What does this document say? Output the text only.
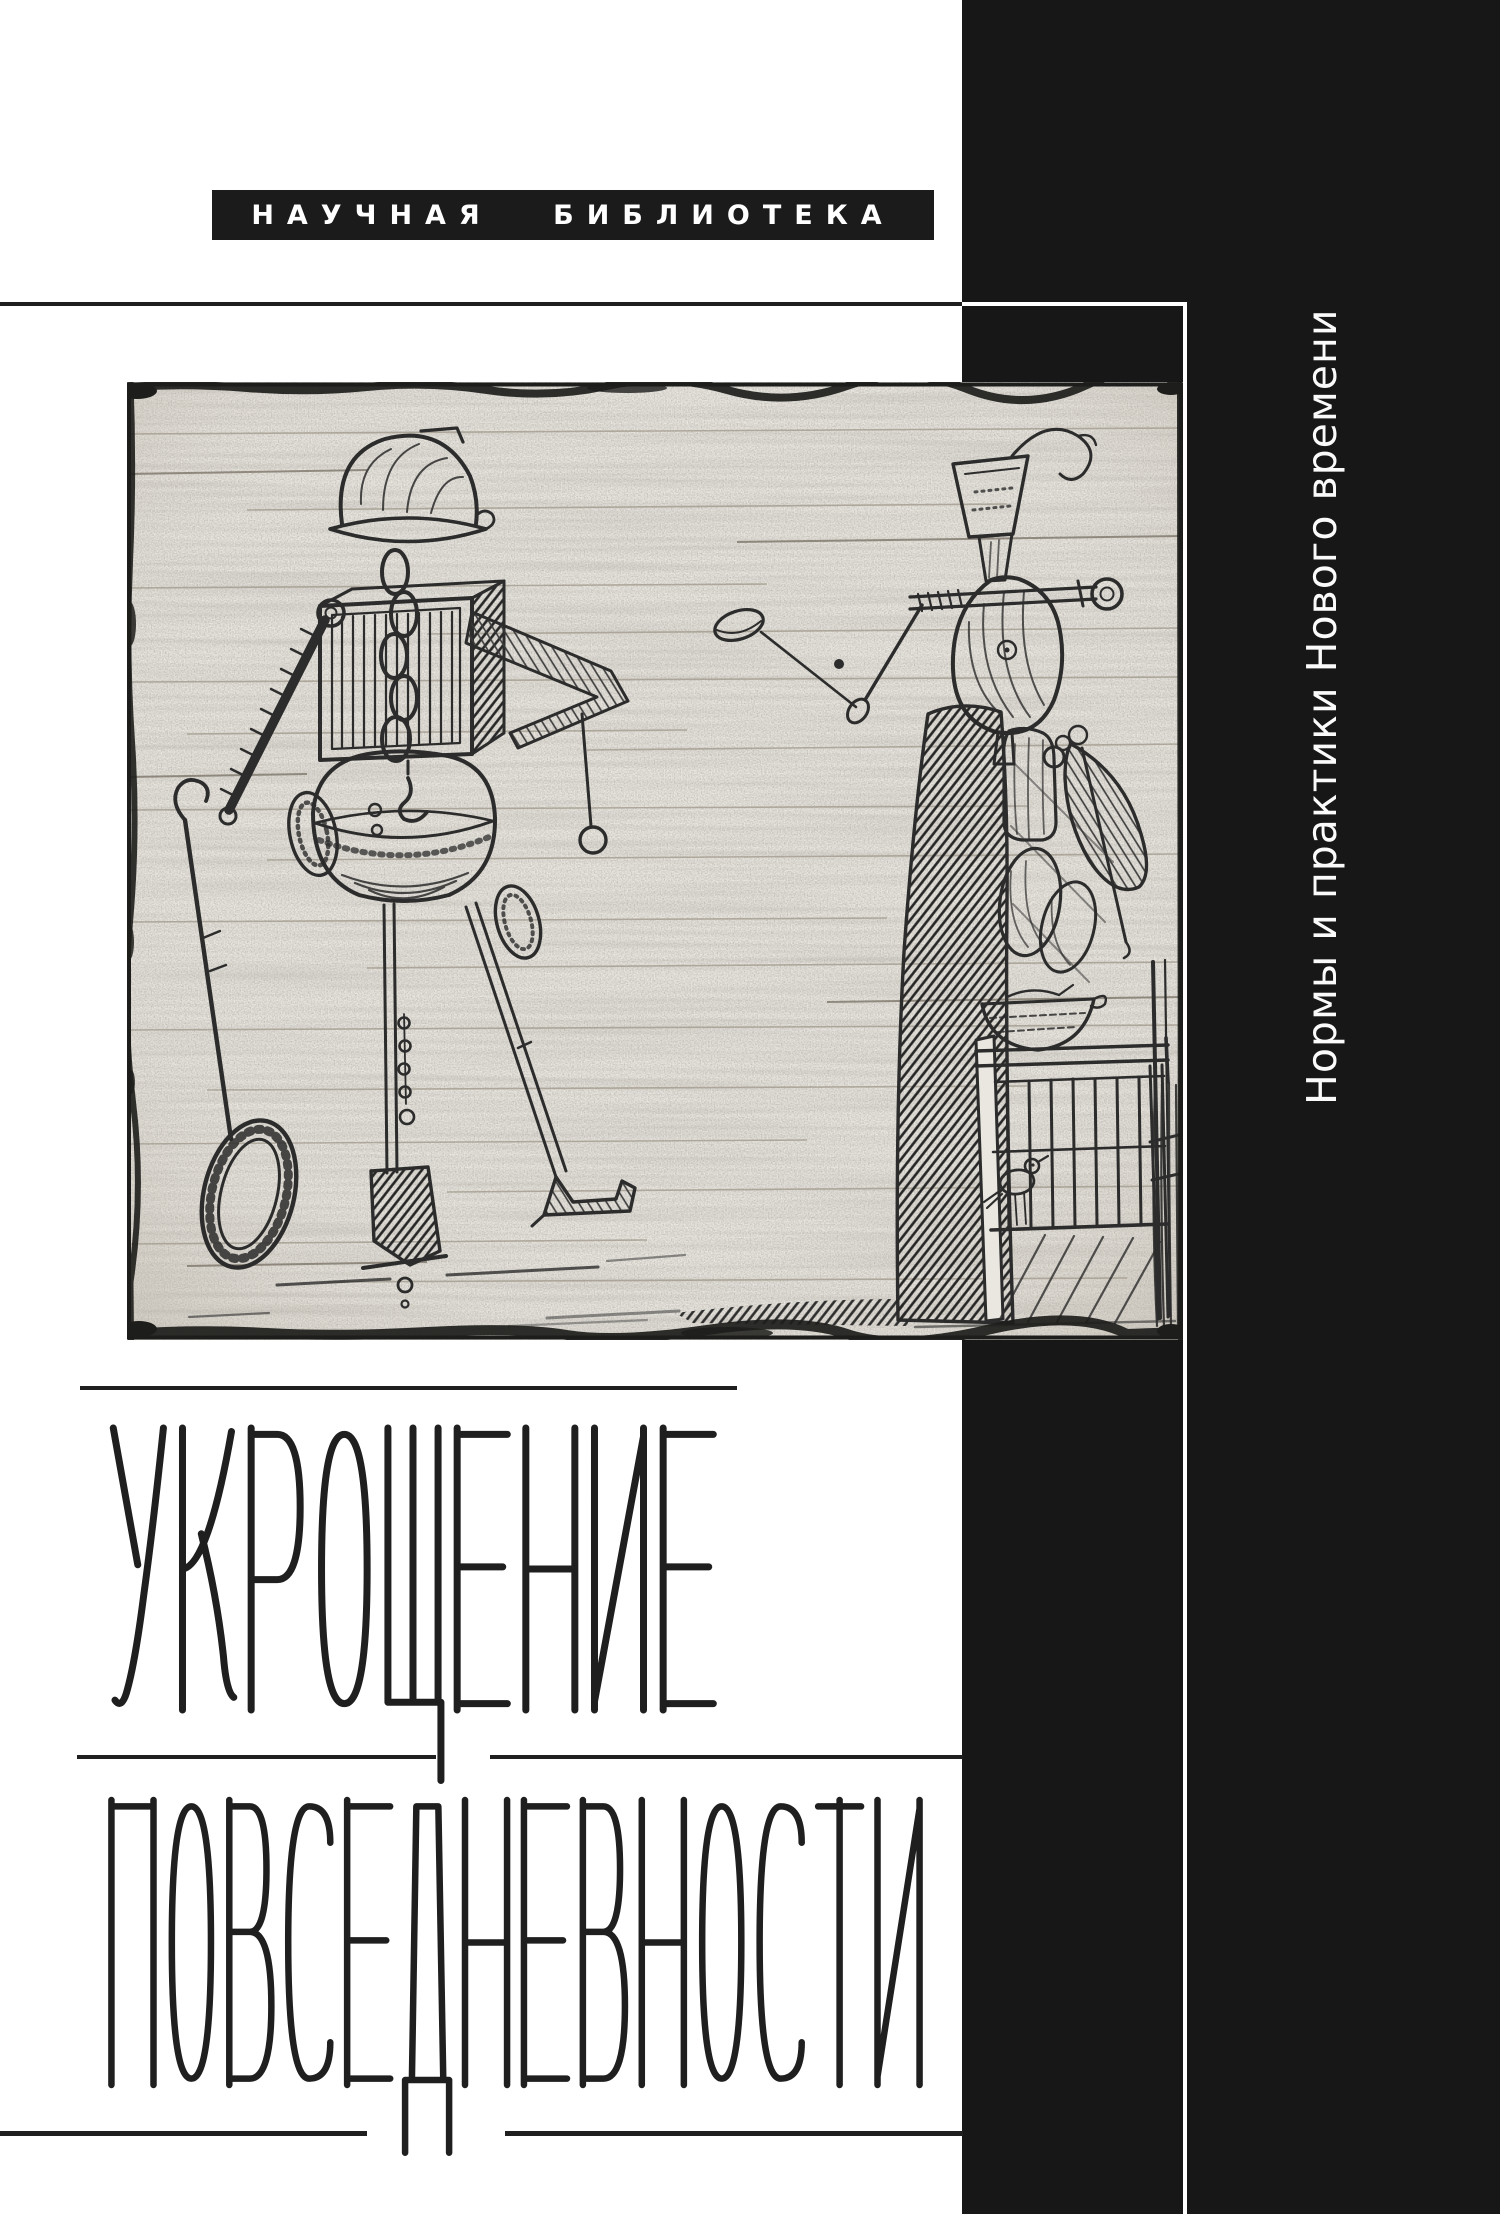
НАУЧНАЯ БИБЛИОТЕКА
Нормы и практики Нового времени
